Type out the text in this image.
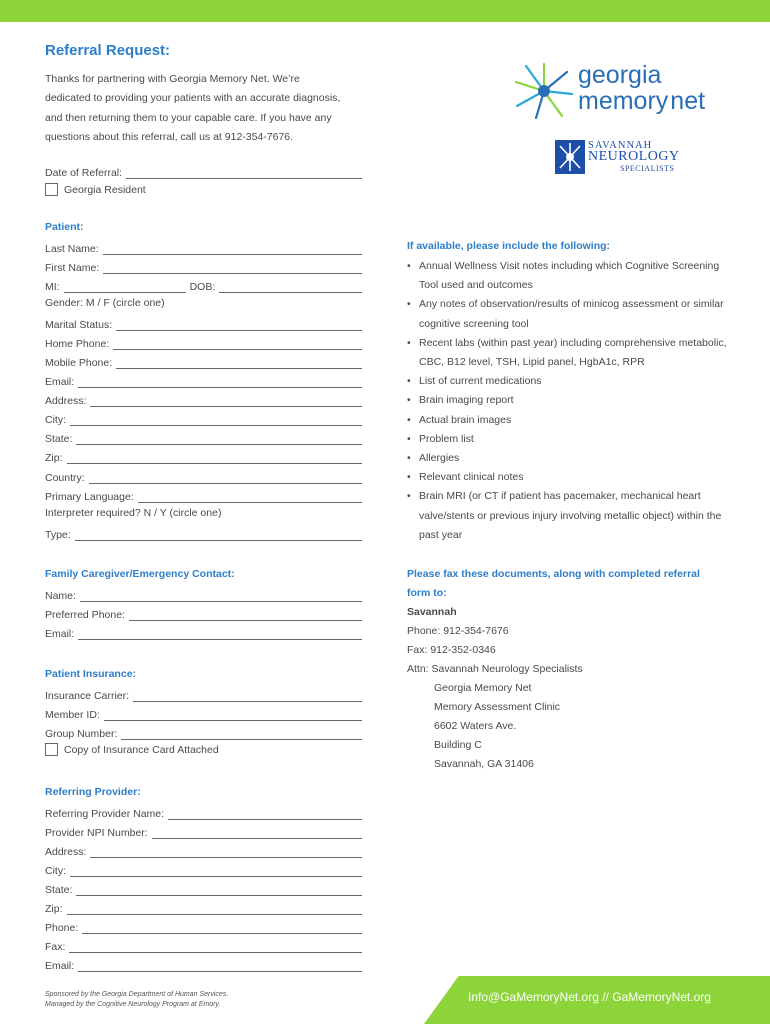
Referral Request:
Thanks for partnering with Georgia Memory Net. We’re
dedicated to providing your patients with an accurate diagnosis,
and then returning them to your capable care. If you have any
questions about this referral, call us at 912-354-7676.
georgia
memorynet
SAVANNAH
NEUROLOGY
SPECIALISTS
Date of Referral:
Georgia Resident
Patient:
Last Name:
First Name:
MI:	DOB:
Gender: M / F (circle one)
Marital Status:
Home Phone:
Mobile Phone:
Email:
Address:
City:
State:
Zip:
Country:
Primary Language:
Interpreter required? N / Y (circle one)
Type:
Family Caregiver/Emergency Contact:
Name:
Preferred Phone:
Email:
Patient Insurance:
Insurance Carrier:
Member ID:
Group Number:
Copy of Insurance Card Attached
Referring Provider:
Referring Provider Name:
Provider NPI Number:
Address:
City:
State:
Zip:
Phone:
Fax:
Email:
If available, please include the following:
• Annual Wellness Visit notes including which Cognitive Screening Tool used and outcomes
• Any notes of observation/results of minicog assessment or similar cognitive screening tool
• Recent labs (within past year) including comprehensive metabolic, CBC, B12 level, TSH, Lipid panel, HgbA1c, RPR
• List of current medications
• Brain imaging report
• Actual brain images
• Problem list
• Allergies
• Relevant clinical notes
• Brain MRI (or CT if patient has pacemaker, mechanical heart valve/stents or previous injury involving metallic object) within the past year
Please fax these documents, along with completed referral
form to:
Savannah
Phone: 912-354-7676
Fax: 912-352-0346
Attn: Savannah Neurology Specialists
Georgia Memory Net
Memory Assessment Clinic
6602 Waters Ave.
Building C
Savannah, GA 31406
Sponsored by the Georgia Department of Human Services.
Managed by the Cognitive Neurology Program at Emory.
Info@GaMemoryNet.org // GaMemoryNet.org
